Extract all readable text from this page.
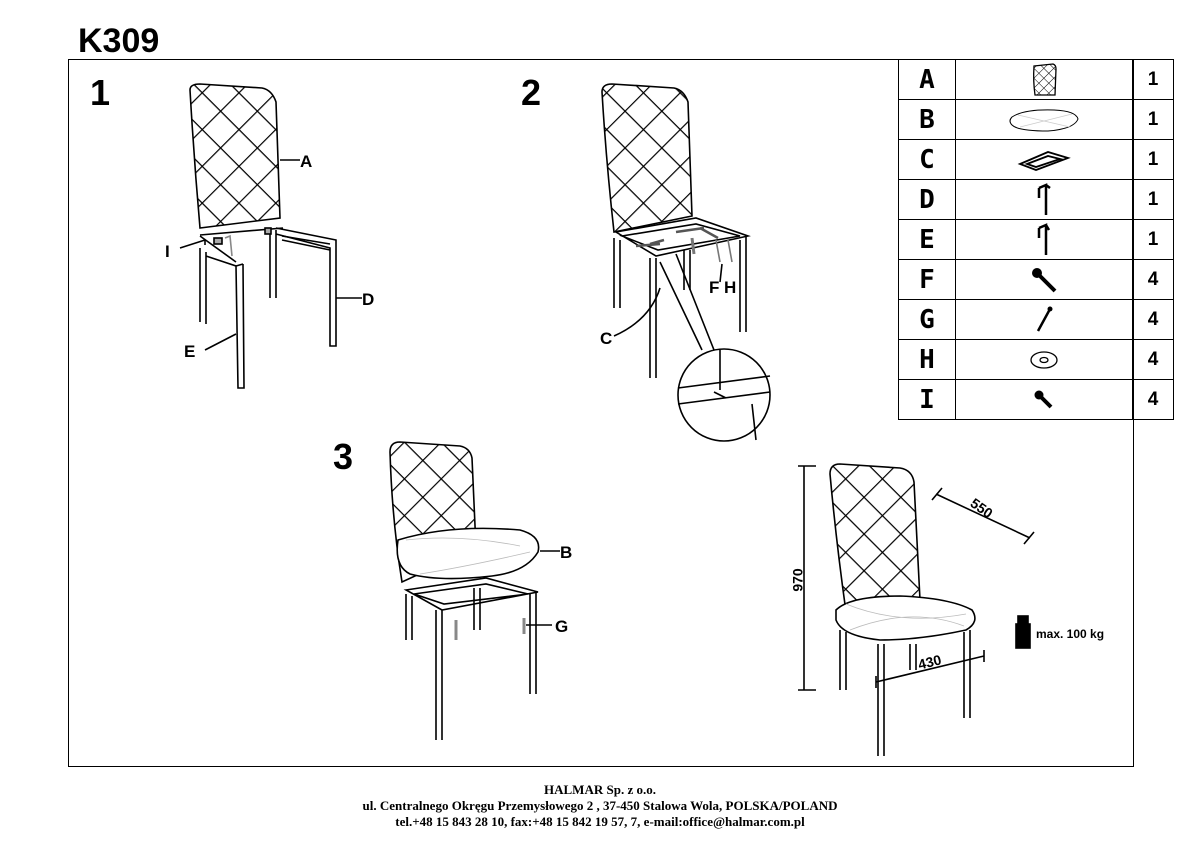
K309
A
I
D
E
C
F H
B
G
1	2
3
970
550
430
max. 100 kg
A		1
B		1
C		1
D		1
E		1
F		4
G		4
H		4
I		4
HALMAR Sp. z o.o.
ul. Centralnego Okręgu Przemysłowego 2 , 37-450 Stalowa Wola, POLSKA/POLAND
tel.+48 15 843 28 10, fax:+48 15 842 19 57, 7, e-mail:office@halmar.com.pl
